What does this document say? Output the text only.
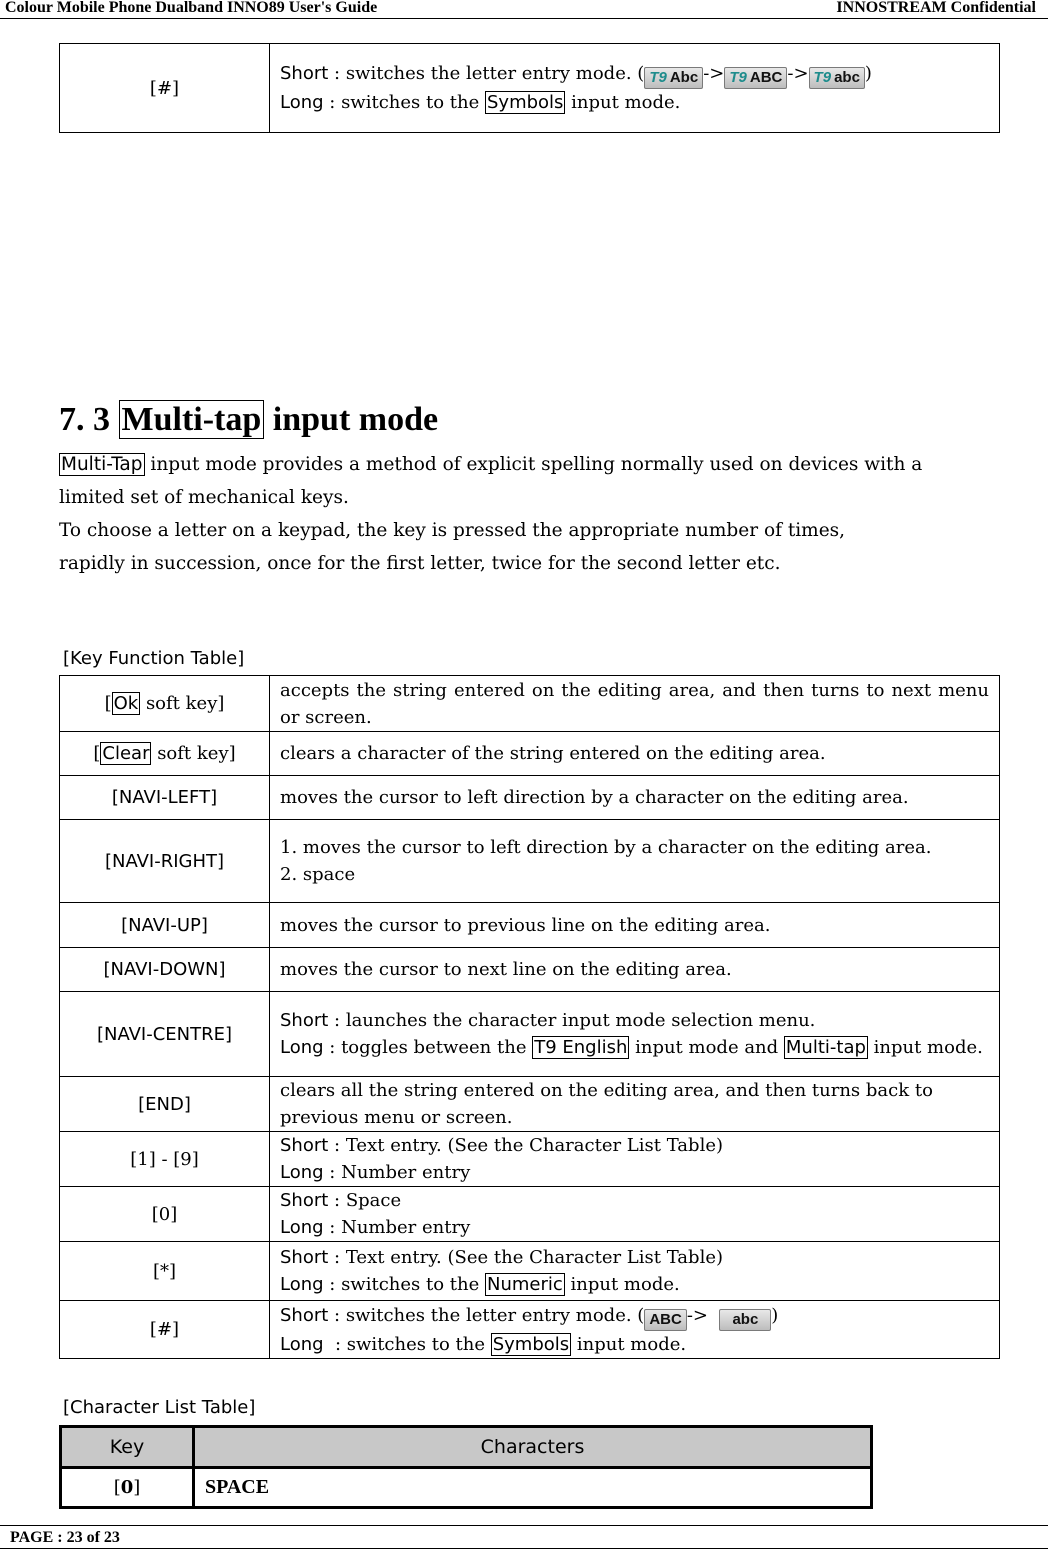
Colour Mobile Phone Dualband INNO89 User's Guide	INNOSTREAM Confidential
[#]	Short : switches the letter entry mode. ( T9 Abc -> T9 ABC -> T9 abc )
Long : switches to the Symbols input mode.
7. 3 Multi-tap input mode

Multi-Tap input mode provides a method of explicit spelling normally used on devices with a

limited set of mechanical keys.

To choose a letter on a keypad, the key is pressed the appropriate number of times,

rapidly in succession, once for the first letter, twice for the second letter etc.

[Key Function Table]
[ Ok soft key]	accepts the string entered on the editing area, and then turns to next menu or screen.
[ Clear soft key]	clears a character of the string entered on the editing area.
[NAVI-LEFT]	moves the cursor to left direction by a character on the editing area.
[NAVI-RIGHT]	1. moves the cursor to left direction by a character on the editing area.
2. space
[NAVI-UP]	moves the cursor to previous line on the editing area.
[NAVI-DOWN]	moves the cursor to next line on the editing area.
[NAVI-CENTRE]	Short : launches the character input mode selection menu.
Long : toggles between the T9 English input mode and Multi-tap input mode.
[END]	clears all the string entered on the editing area, and then turns back to previous menu or screen.
[1] - [9]	Short : Text entry. (See the Character List Table)
Long : Number entry
[0]	Short : Space
Long : Number entry
[*]	Short : Text entry. (See the Character List Table)
Long : switches to the Numeric input mode.
[#]	Short : switches the letter entry mode. ( ABC ->  abc )
Long  : switches to the Symbols input mode.
[Character List Table]
Key	Characters
[0]	SPACE
PAGE : 23 of 23
